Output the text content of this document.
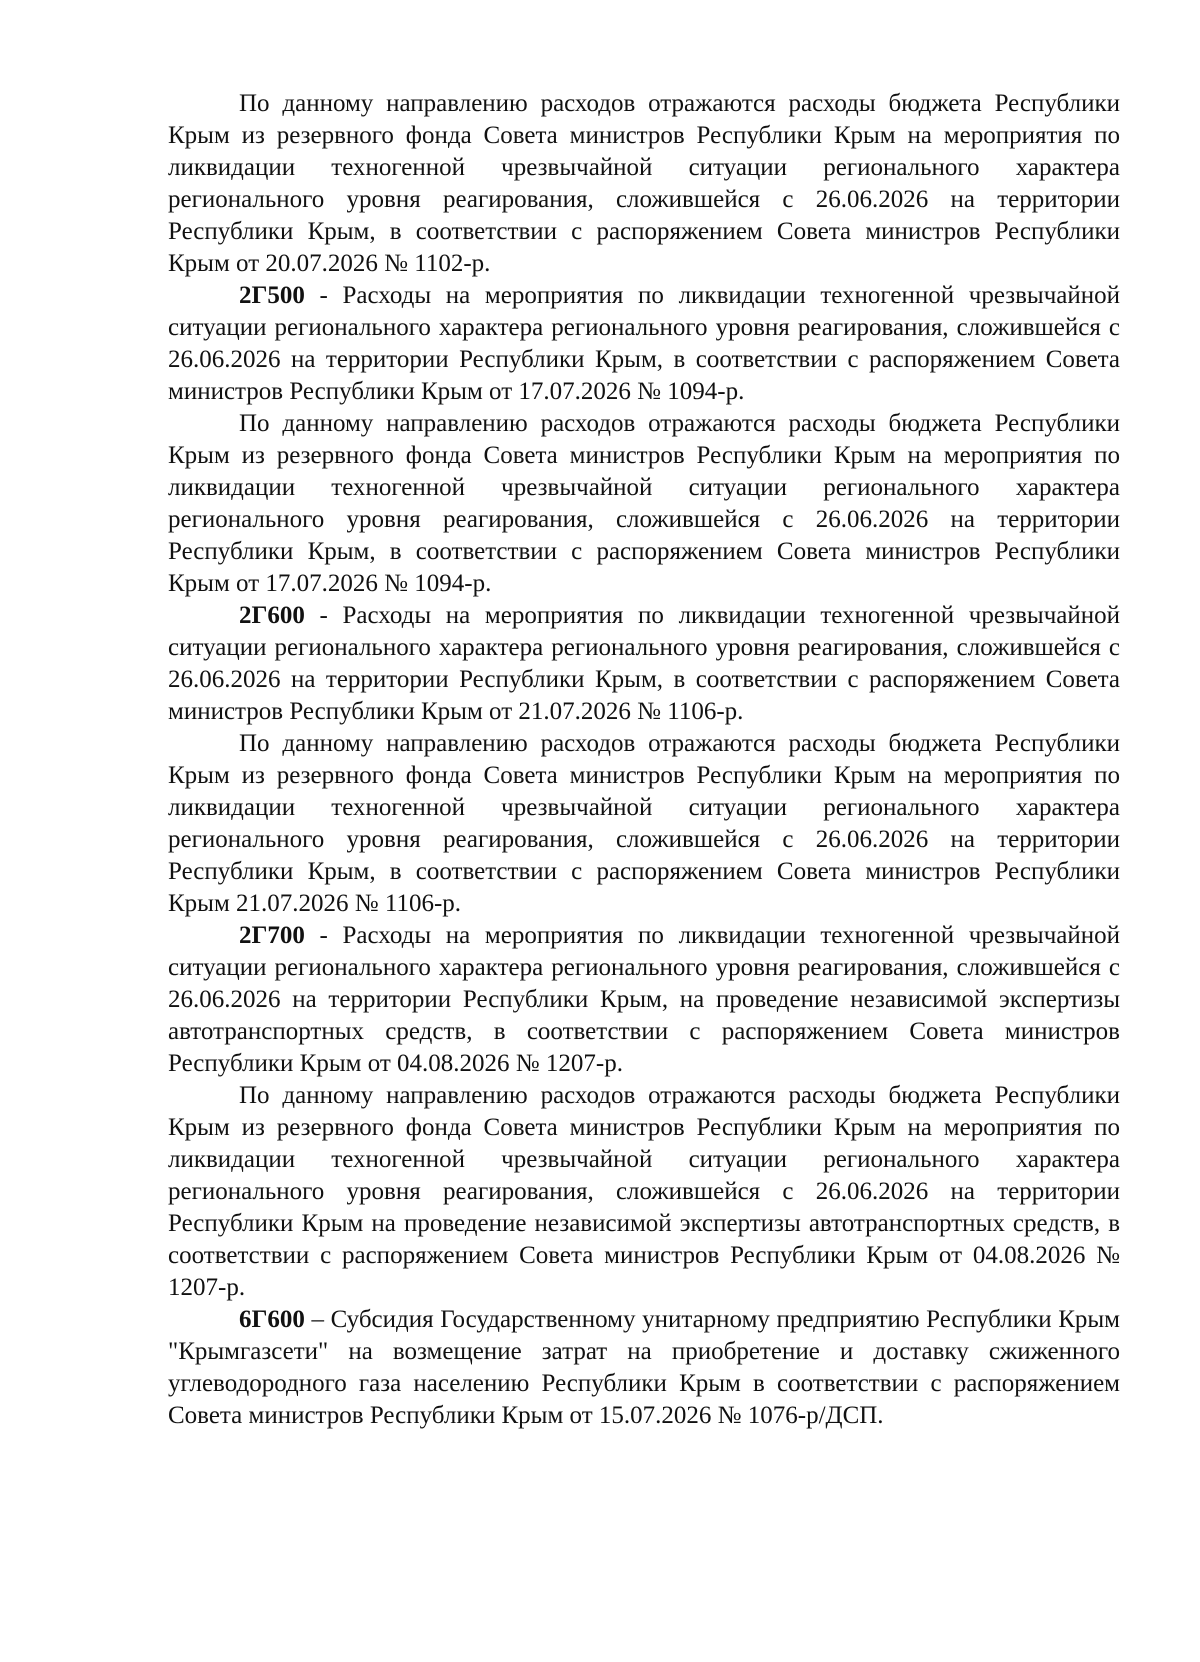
По данному направлению расходов отражаются расходы бюджета Республики Крым из резервного фонда Совета министров Республики Крым на мероприятия по ликвидации техногенной чрезвычайной ситуации регионального характера регионального уровня реагирования, сложившейся с 26.06.2026 на территории Республики Крым, в соответствии с распоряжением Совета министров Республики Крым от 20.07.2026 № 1102-р.

2Г500 - Расходы на мероприятия по ликвидации техногенной чрезвычайной ситуации регионального характера регионального уровня реагирования, сложившейся с 26.06.2026 на территории Республики Крым, в соответствии с распоряжением Совета министров Республики Крым от 17.07.2026 № 1094-р.

По данному направлению расходов отражаются расходы бюджета Республики Крым из резервного фонда Совета министров Республики Крым на мероприятия по ликвидации техногенной чрезвычайной ситуации регионального характера регионального уровня реагирования, сложившейся с 26.06.2026 на территории Республики Крым, в соответствии с распоряжением Совета министров Республики Крым от 17.07.2026 № 1094-р.

2Г600 - Расходы на мероприятия по ликвидации техногенной чрезвычайной ситуации регионального характера регионального уровня реагирования, сложившейся с 26.06.2026 на территории Республики Крым, в соответствии с распоряжением Совета министров Республики Крым от 21.07.2026 № 1106-р.

По данному направлению расходов отражаются расходы бюджета Республики Крым из резервного фонда Совета министров Республики Крым на мероприятия по ликвидации техногенной чрезвычайной ситуации регионального характера регионального уровня реагирования, сложившейся с 26.06.2026 на территории Республики Крым, в соответствии с распоряжением Совета министров Республики Крым 21.07.2026 № 1106-р.

2Г700 - Расходы на мероприятия по ликвидации техногенной чрезвычайной ситуации регионального характера регионального уровня реагирования, сложившейся с 26.06.2026 на территории Республики Крым, на проведение независимой экспертизы автотранспортных средств, в соответствии с распоряжением Совета министров Республики Крым от 04.08.2026 № 1207-р.

По данному направлению расходов отражаются расходы бюджета Республики Крым из резервного фонда Совета министров Республики Крым на мероприятия по ликвидации техногенной чрезвычайной ситуации регионального характера регионального уровня реагирования, сложившейся с 26.06.2026 на территории Республики Крым на проведение независимой экспертизы автотранспортных средств, в соответствии с распоряжением Совета министров Республики Крым от 04.08.2026 № 1207-р.

6Г600 – Субсидия Государственному унитарному предприятию Республики Крым "Крымгазсети" на возмещение затрат на приобретение и доставку сжиженного углеводородного газа населению Республики Крым в соответствии с распоряжением Совета министров Республики Крым от 15.07.2026 № 1076-р/ДСП.
